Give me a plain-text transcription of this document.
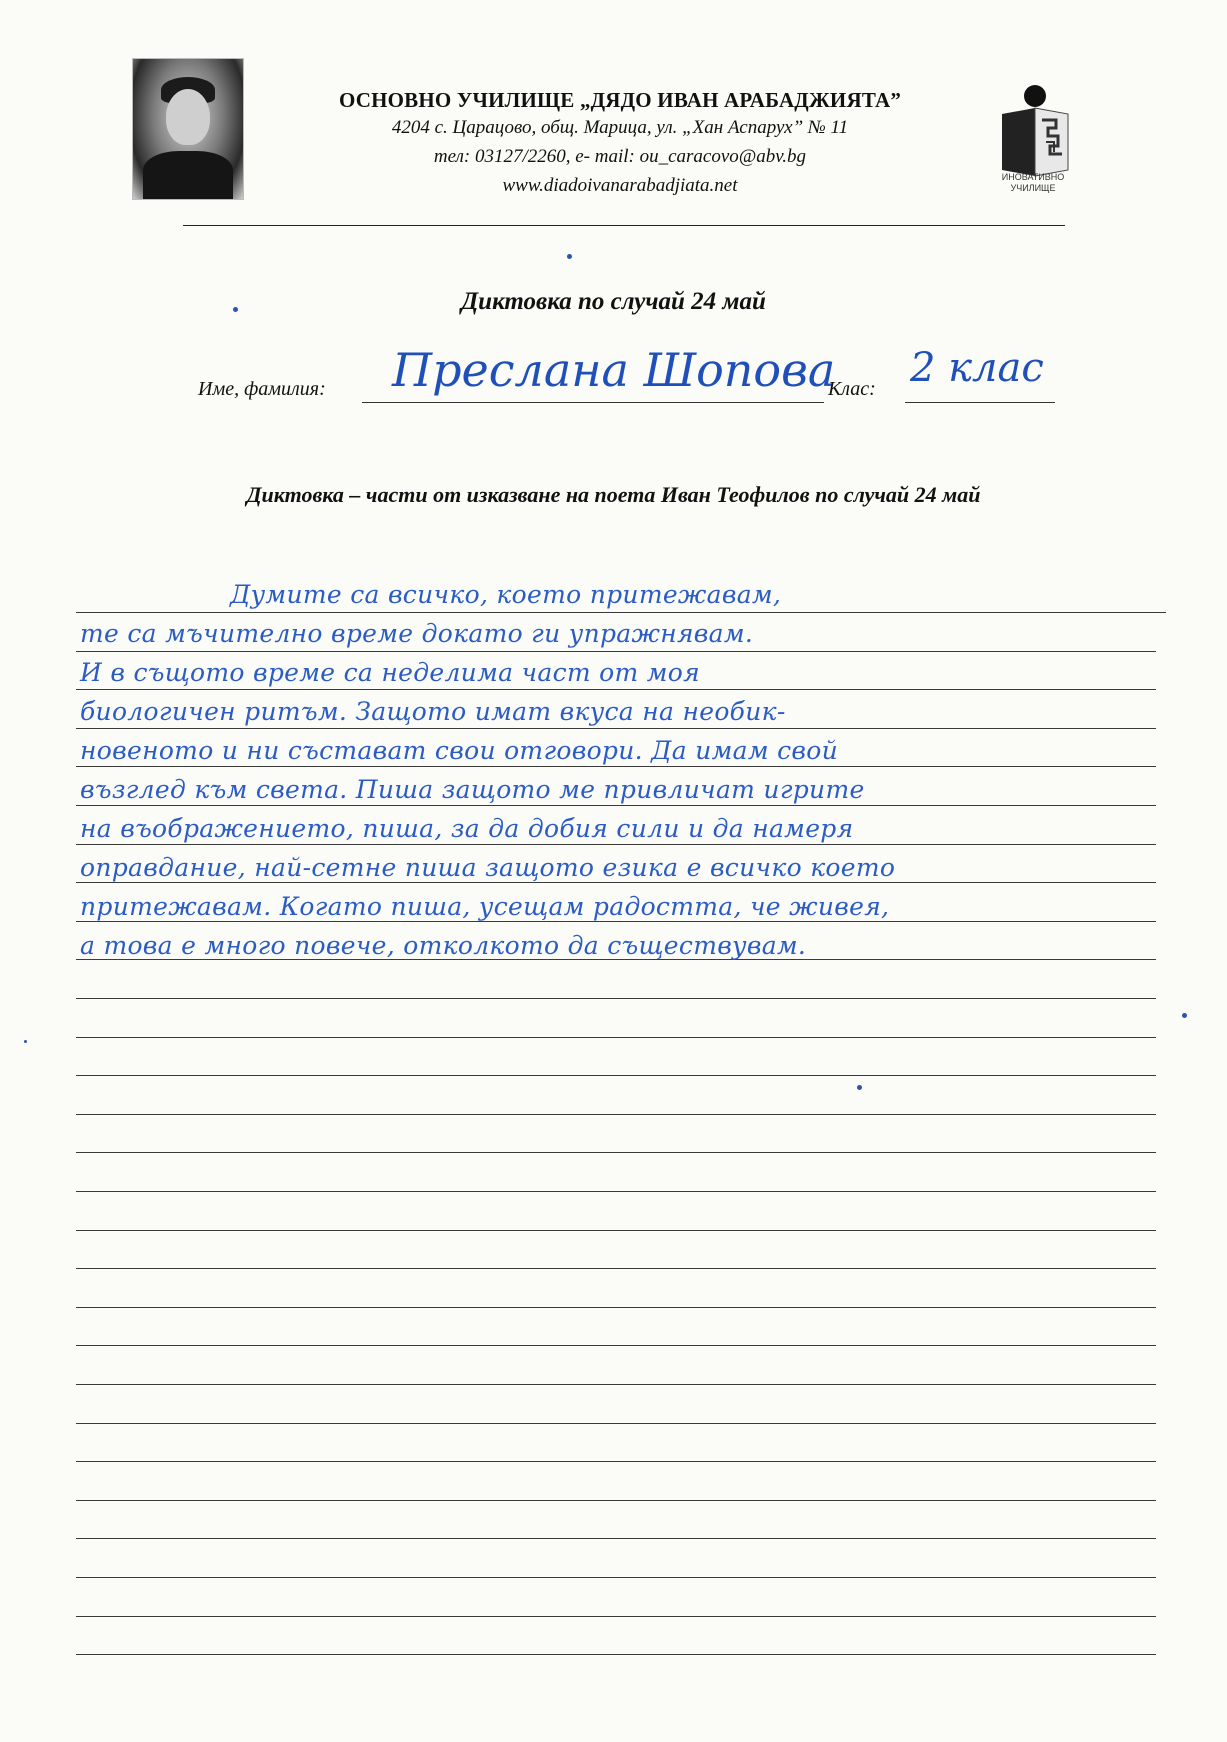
ОСНОВНО УЧИЛИЩЕ „ДЯДО ИВАН АРАБАДЖИЯТА”
4204 с. Царацово, общ. Марица, ул. „Хан Аспарух” № 11
тел: 03127/2260, е- mail: ou_caracovo@abv.bg
www.diadoivanarabadjiata.net	ИНОВАТИВНО
УЧИЛИЩЕ
Диктовка по случай 24 май
Име, фамилия: Преслана Шопова
Клас: 2 клас
Диктовка – части от изказване на поета Иван Теофилов по случай 24 май
Думите са всичко, което притежавам,
те са мъчително време докато ги упражнявам.
И в същото време са неделима част от моя
биологичен ритъм. Защото имат вкуса на необик-
новеното и ни състават свои отговори. Да имам свой
възглед към света. Пиша защото ме привличат игрите
на въображението, пиша, за да добия сили и да намеря
оправдание, най-сетне пиша защото езика е всичко което
притежавам. Когато пиша, усещам радостта, че живея,
а това е много повече, отколкото да съществувам.
